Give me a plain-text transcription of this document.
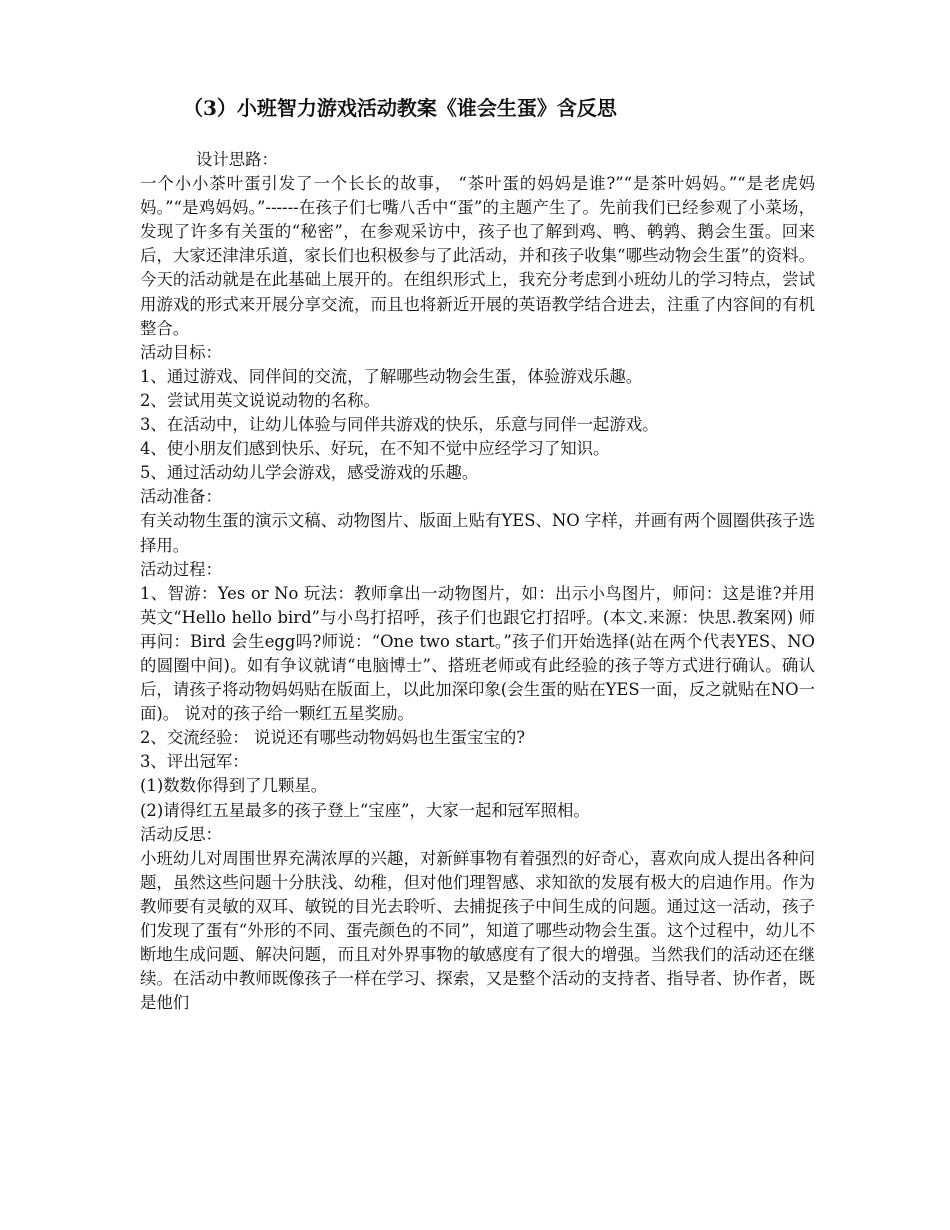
（3）小班智力游戏活动教案《谁会生蛋》含反思

设计思路：

一个小小茶叶蛋引发了一个长长的故事， “茶叶蛋的妈妈是谁?”“是茶叶妈妈。”“是老虎妈妈。”“是鸡妈妈。”------在孩子们七嘴八舌中“蛋”的主题产生了。先前我们已经参观了小菜场，发现了许多有关蛋的“秘密”，在参观采访中，孩子也了解到鸡、鸭、鹌鹑、鹅会生蛋。回来后，大家还津津乐道，家长们也积极参与了此活动，并和孩子收集“哪些动物会生蛋”的资料。今天的活动就是在此基础上展开的。在组织形式上，我充分考虑到小班幼儿的学习特点，尝试用游戏的形式来开展分享交流，而且也将新近开展的英语教学结合进去，注重了内容间的有机整合。

活动目标：

1、通过游戏、同伴间的交流，了解哪些动物会生蛋，体验游戏乐趣。

2、尝试用英文说说动物的名称。

3、在活动中，让幼儿体验与同伴共游戏的快乐，乐意与同伴一起游戏。

4、使小朋友们感到快乐、好玩，在不知不觉中应经学习了知识。

5、通过活动幼儿学会游戏，感受游戏的乐趣。

活动准备：

有关动物生蛋的演示文稿、动物图片、版面上贴有YES、NO 字样，并画有两个圆圈供孩子选择用。

活动过程：

1、智游：Yes or No 玩法：教师拿出一动物图片，如：出示小鸟图片，师问：这是谁?并用英文“Hello hello bird”与小鸟打招呼，孩子们也跟它打招呼。(本文.来源：快思.教案网) 师再问：Bird 会生egg吗?师说：“One two start。”孩子们开始选择(站在两个代表YES、NO的圆圈中间)。如有争议就请“电脑博士”、搭班老师或有此经验的孩子等方式进行确认。确认后，请孩子将动物妈妈贴在版面上，以此加深印象(会生蛋的贴在YES一面，反之就贴在NO一面)。 说对的孩子给一颗红五星奖励。

2、交流经验： 说说还有哪些动物妈妈也生蛋宝宝的?

3、评出冠军：

(1)数数你得到了几颗星。

(2)请得红五星最多的孩子登上“宝座”，大家一起和冠军照相。

活动反思：

小班幼儿对周围世界充满浓厚的兴趣，对新鲜事物有着强烈的好奇心，喜欢向成人提出各种问题，虽然这些问题十分肤浅、幼稚，但对他们理智感、求知欲的发展有极大的启迪作用。作为教师要有灵敏的双耳、敏锐的目光去聆听、去捕捉孩子中间生成的问题。通过这一活动，孩子们发现了蛋有“外形的不同、蛋壳颜色的不同”，知道了哪些动物会生蛋。这个过程中，幼儿不断地生成问题、解决问题，而且对外界事物的敏感度有了很大的增强。当然我们的活动还在继续。在活动中教师既像孩子一样在学习、探索，又是整个活动的支持者、指导者、协作者，既是他们
